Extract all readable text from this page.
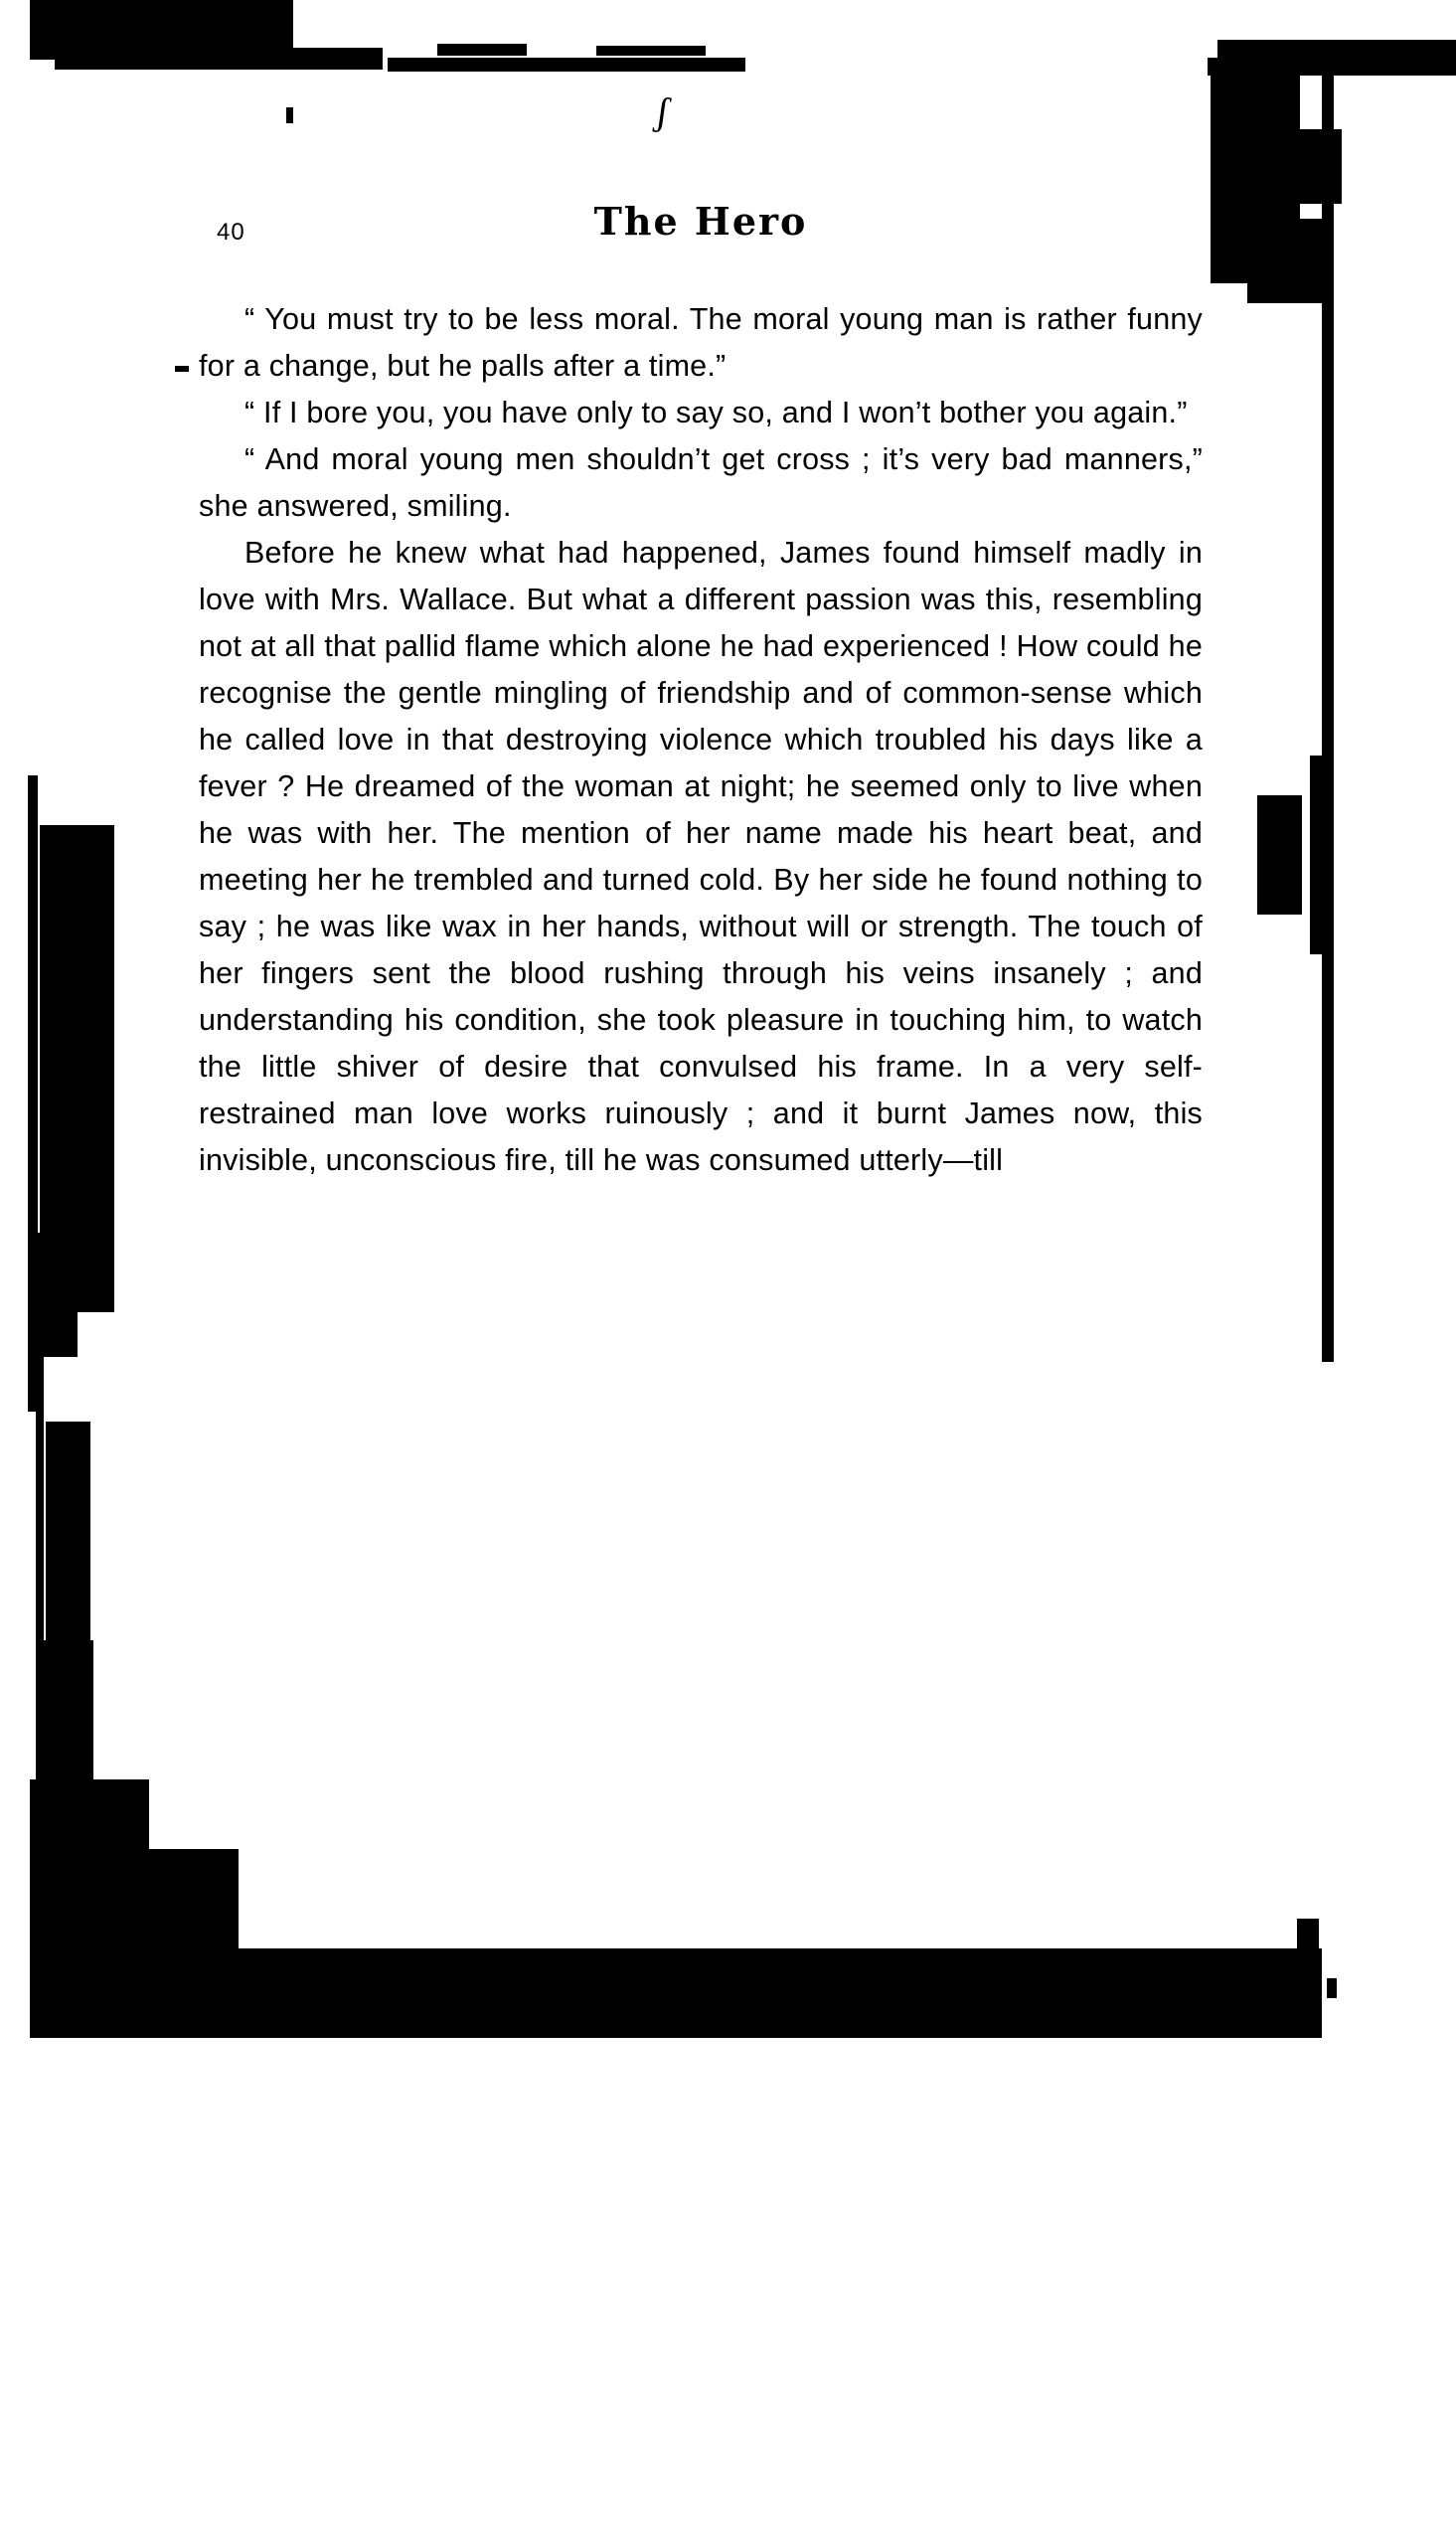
ʃ
40	The Hero

“ You must try to be less moral. The moral young man is rather funny for a change, but he palls after a time.”

“ If I bore you, you have only to say so, and I won’t bother you again.”

“ And moral young men shouldn’t get cross ; it’s very bad manners,” she answered, smiling.

Before he knew what had happened, James found himself madly in love with Mrs. Wallace. But what a different passion was this, resembling not at all that pallid flame which alone he had experienced ! How could he recognise the gentle mingling of friendship and of common-sense which he called love in that destroying violence which troubled his days like a fever ? He dreamed of the woman at night; he seemed only to live when he was with her. The mention of her name made his heart beat, and meeting her he trembled and turned cold. By her side he found nothing to say ; he was like wax in her hands, without will or strength. The touch of her fingers sent the blood rushing through his veins insanely ; and understanding his condition, she took pleasure in touching him, to watch the little shiver of desire that convulsed his frame. In a very self-restrained man love works ruinously ; and it burnt James now, this invisible, unconscious fire, till he was consumed utterly—till
